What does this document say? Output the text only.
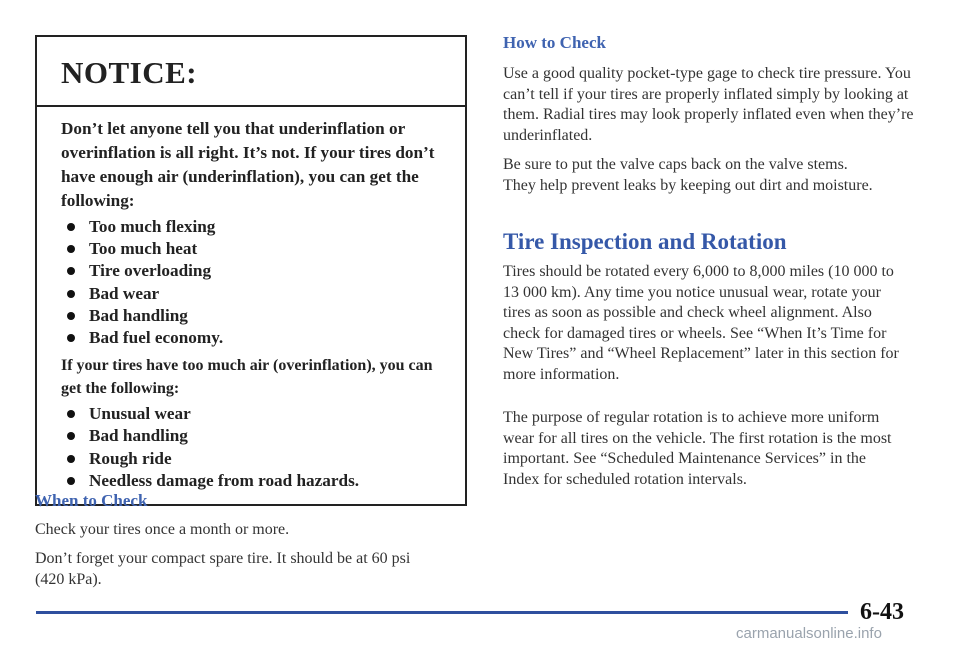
NOTICE:

Don’t let anyone tell you that underinflation or overinflation is all right. It’s not. If your tires don’t have enough air (underinflation), you can get the following:

Too much flexing
Too much heat
Tire overloading
Bad wear
Bad handling
Bad fuel economy.

If your tires have too much air (overinflation), you can get the following:

Unusual wear
Bad handling
Rough ride
Needless damage from road hazards.
When to Check

Check your tires once a month or more.

Don’t forget your compact spare tire. It should be at 60 psi (420 kPa).

How to Check

Use a good quality pocket-type gage to check tire pressure. You can’t tell if your tires are properly inflated simply by looking at them. Radial tires may look properly inflated even when they’re underinflated.

Be sure to put the valve caps back on the valve stems. They help prevent leaks by keeping out dirt and moisture.

Tire Inspection and Rotation

Tires should be rotated every 6,000 to 8,000 miles (10 000 to 13 000 km). Any time you notice unusual wear, rotate your tires as soon as possible and check wheel alignment. Also check for damaged tires or wheels. See “When It’s Time for New Tires” and “Wheel Replacement” later in this section for more information.

The purpose of regular rotation is to achieve more uniform wear for all tires on the vehicle. The first rotation is the most important. See “Scheduled Maintenance Services” in the Index for scheduled rotation intervals.

6-43
carmanualsonline.info
